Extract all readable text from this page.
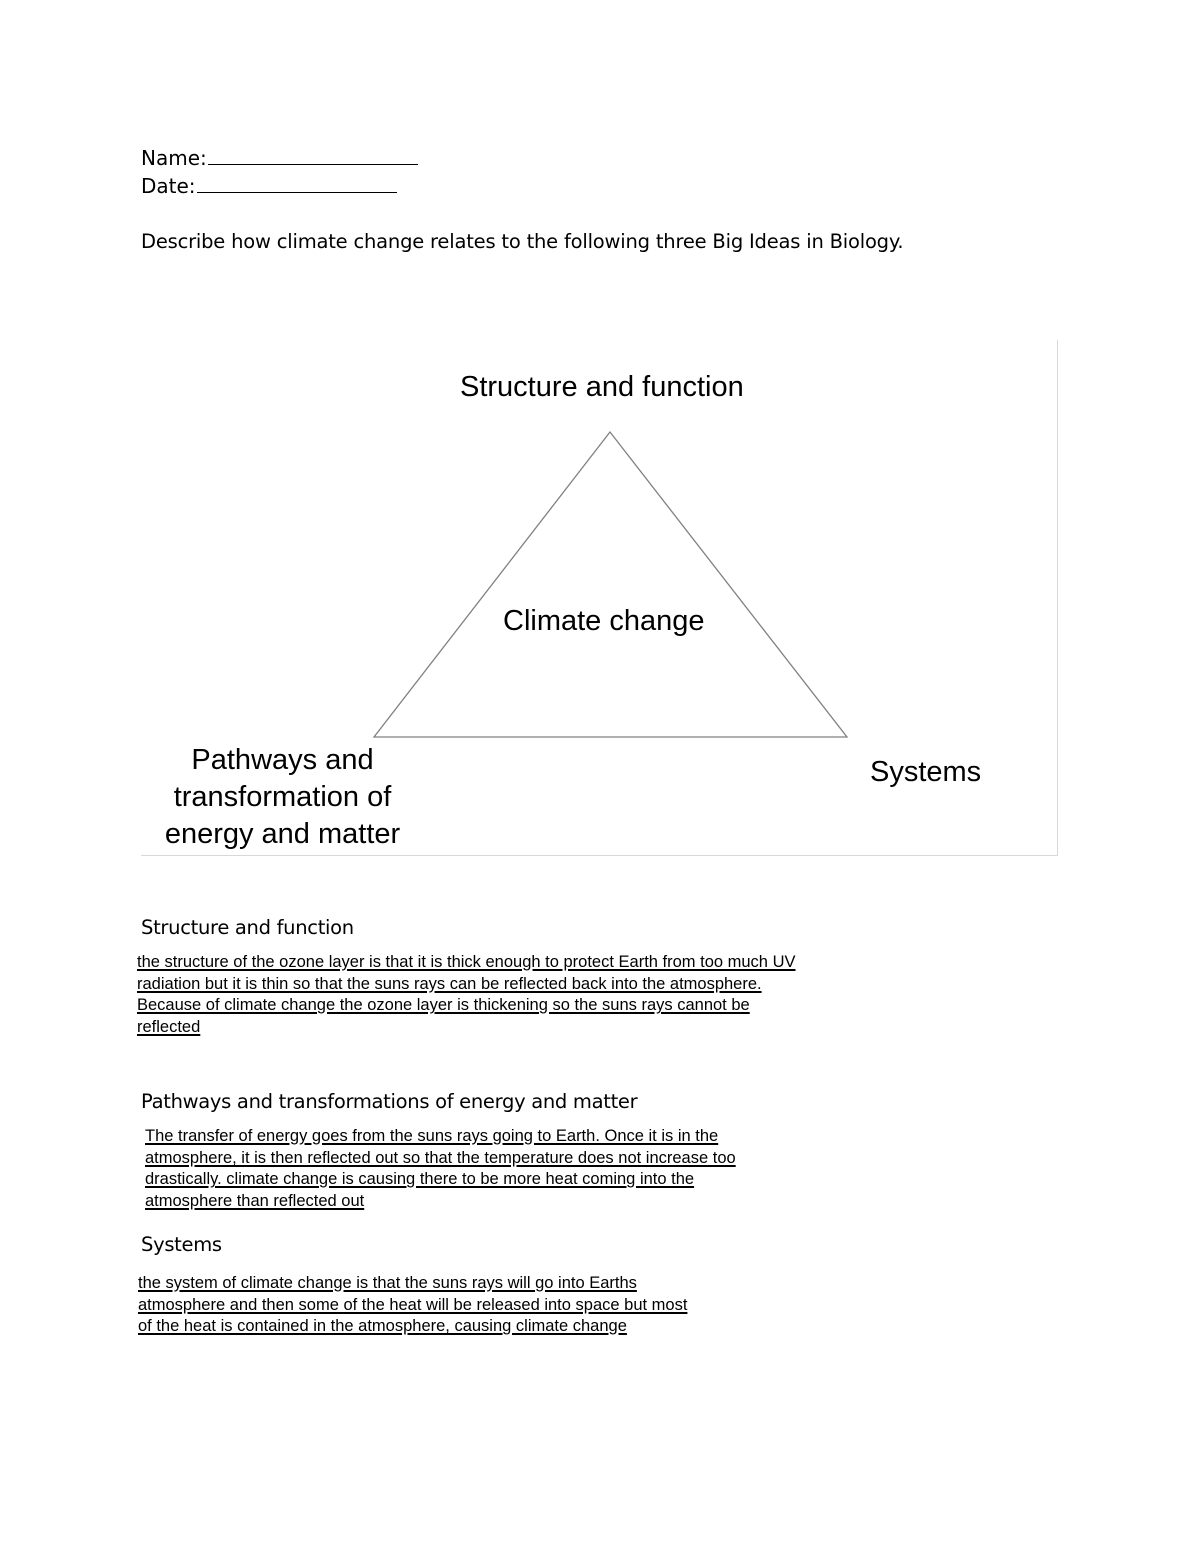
Name:
Date:
Describe how climate change relates to the following three Big Ideas in Biology.
Structure and function
Climate change
Pathways and transformation of energy and matter
Systems
Structure and function
the structure of the ozone layer is that it is thick enough to protect Earth from too much UV radiation but it is thin so that the suns rays can be reflected back into the atmosphere. Because of climate change the ozone layer is thickening so the suns rays cannot be reflected
Pathways and transformations of energy and matter
The transfer of energy goes from the suns rays going to Earth. Once it is in the atmosphere, it is then reflected out so that the temperature does not increase too drastically. climate change is causing there to be more heat coming into the atmosphere than reflected out
Systems
the system of climate change is that the suns rays will go into Earths atmosphere and then some of the heat will be released into space but most of the heat is contained in the atmosphere, causing climate change
